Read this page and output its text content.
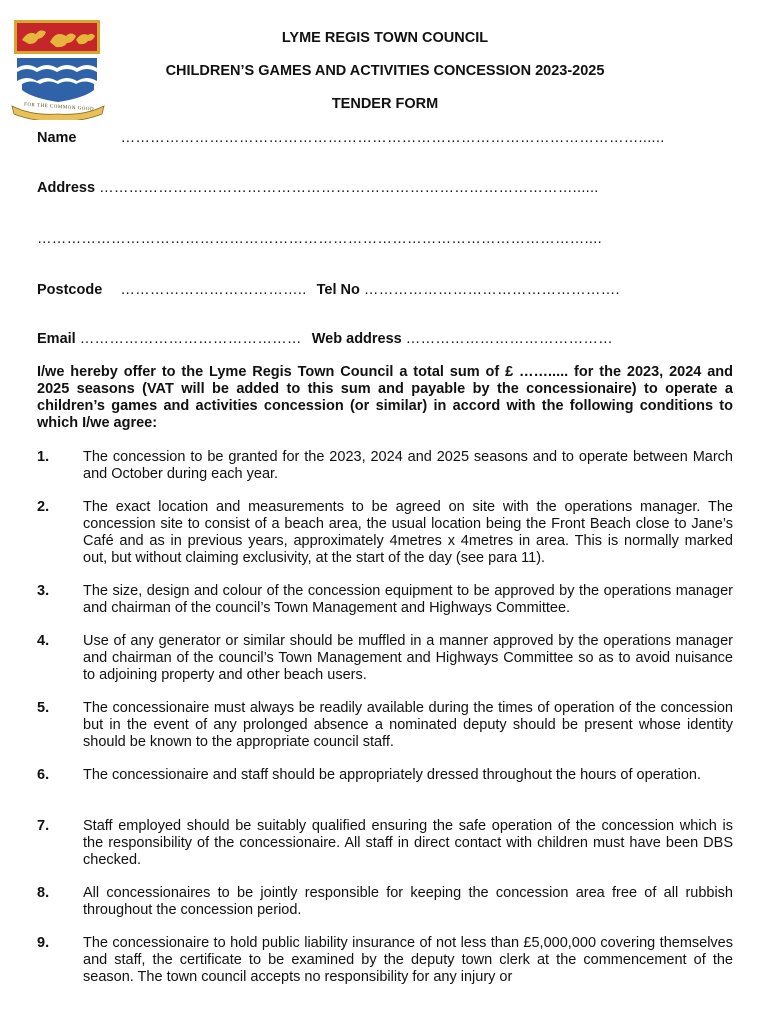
FOR THE COMMON GOOD
LYME REGIS TOWN COUNCIL
CHILDREN’S GAMES AND ACTIVITIES CONCESSION 2023-2025
TENDER FORM
Name	……………………………………………………………………………………………......
Address ……………………………………………………………………………………......
…………………………………………………………………………………………………....
Postcode ……………………………….. Tel No …………………………………………….
Email ……………………………………… Web address ……………………………………
I/we hereby offer to the Lyme Regis Town Council a total sum of £ ……..... for the 2023, 2024 and 2025 seasons (VAT will be added to this sum and payable by the concessionaire) to operate a children’s games and activities concession (or similar) in accord with the following conditions to which I/we agree:
1. The concession to be granted for the 2023, 2024 and 2025 seasons and to operate between March and October during each year.
2. The exact location and measurements to be agreed on site with the operations manager. The concession site to consist of a beach area, the usual location being the Front Beach close to Jane’s Café and as in previous years, approximately 4metres x 4metres in area. This is normally marked out, but without claiming exclusivity, at the start of the day (see para 11).
3. The size, design and colour of the concession equipment to be approved by the operations manager and chairman of the council’s Town Management and Highways Committee.
4. Use of any generator or similar should be muffled in a manner approved by the operations manager and chairman of the council’s Town Management and Highways Committee so as to avoid nuisance to adjoining property and other beach users.
5. The concessionaire must always be readily available during the times of operation of the concession but in the event of any prolonged absence a nominated deputy should be present whose identity should be known to the appropriate council staff.
6. The concessionaire and staff should be appropriately dressed throughout the hours of operation.
7. Staff employed should be suitably qualified ensuring the safe operation of the concession which is the responsibility of the concessionaire. All staff in direct contact with children must have been DBS checked.
8. All concessionaires to be jointly responsible for keeping the concession area free of all rubbish throughout the concession period.
9. The concessionaire to hold public liability insurance of not less than £5,000,000 covering themselves and staff, the certificate to be examined by the deputy town clerk at the commencement of the season. The town council accepts no responsibility for any injury or
